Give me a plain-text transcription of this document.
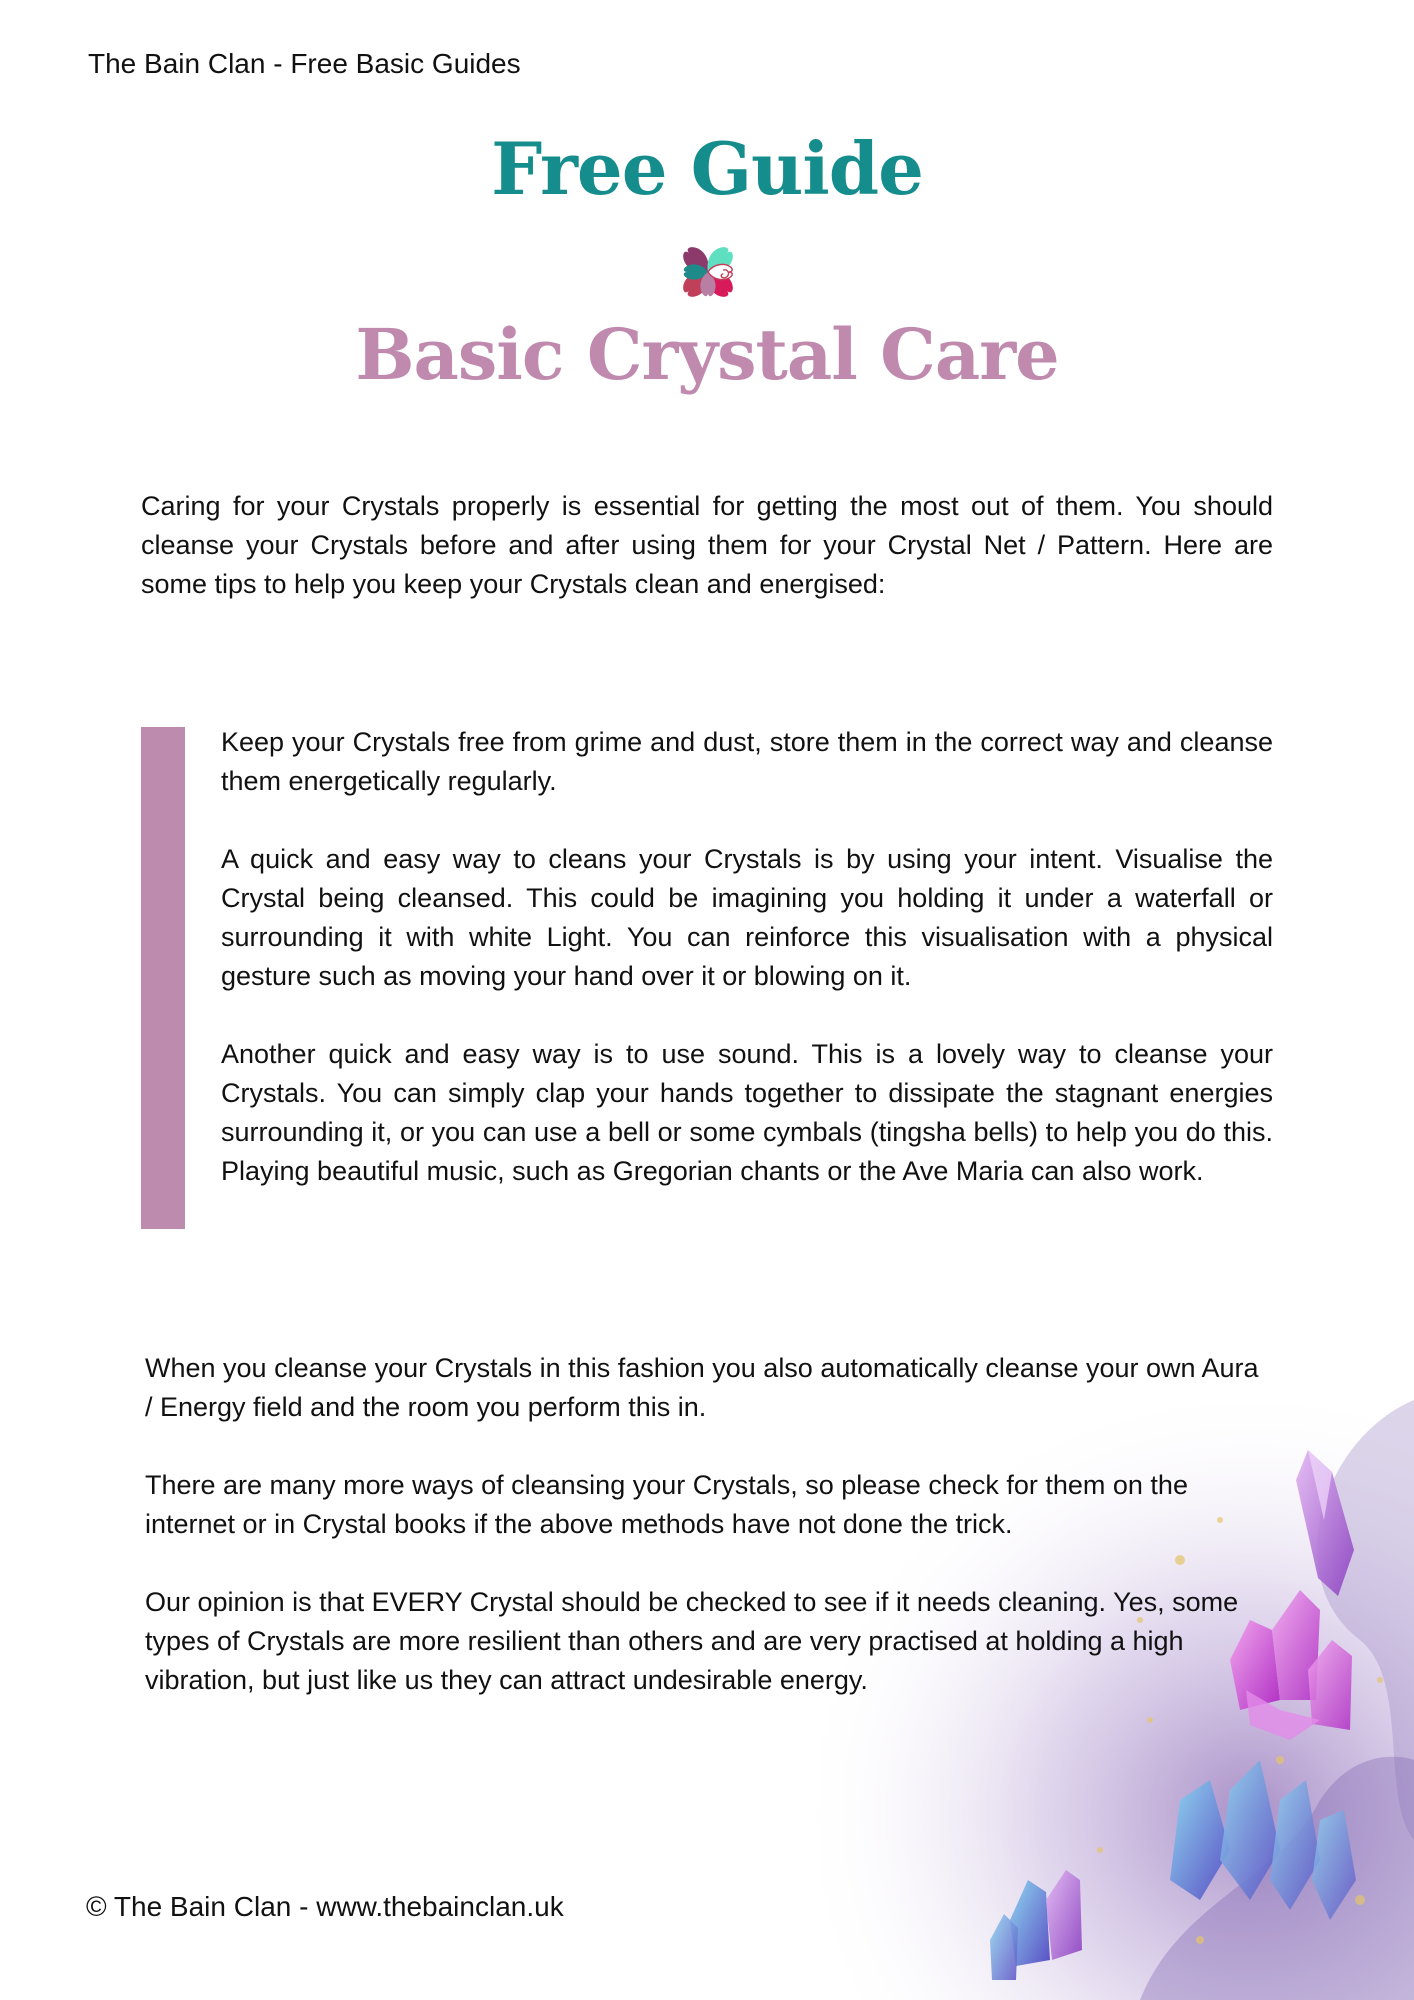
The Bain Clan - Free Basic Guides
Free Guide
Basic Crystal Care
Caring for your Crystals properly is essential for getting the most out of them. You should cleanse your Crystals before and after using them for your Crystal Net / Pattern. Here are some tips to help you keep your Crystals clean and energised:

Keep your Crystals free from grime and dust, store them in the correct way and cleanse them energetically regularly.

A quick and easy way to cleans your Crystals is by using your intent. Visualise the Crystal being cleansed. This could be imagining you holding it under a waterfall or surrounding it with white Light. You can reinforce this visualisation with a physical gesture such as moving your hand over it or blowing on it.

Another quick and easy way is to use sound. This is a lovely way to cleanse your Crystals. You can simply clap your hands together to dissipate the stagnant energies surrounding it, or you can use a bell or some cymbals (tingsha bells) to help you do this. Playing beautiful music, such as Gregorian chants or the Ave Maria can also work.

When you cleanse your Crystals in this fashion you also automatically cleanse your own Aura / Energy field and the room you perform this in.

There are many more ways of cleansing your Crystals, so please check for them on the internet or in Crystal books if the above methods have not done the trick.

Our opinion is that EVERY Crystal should be checked to see if it needs cleaning. Yes, some types of Crystals are more resilient than others and are very practised at holding a high vibration, but just like us they can attract undesirable energy.

© The Bain Clan - www.thebainclan.uk
